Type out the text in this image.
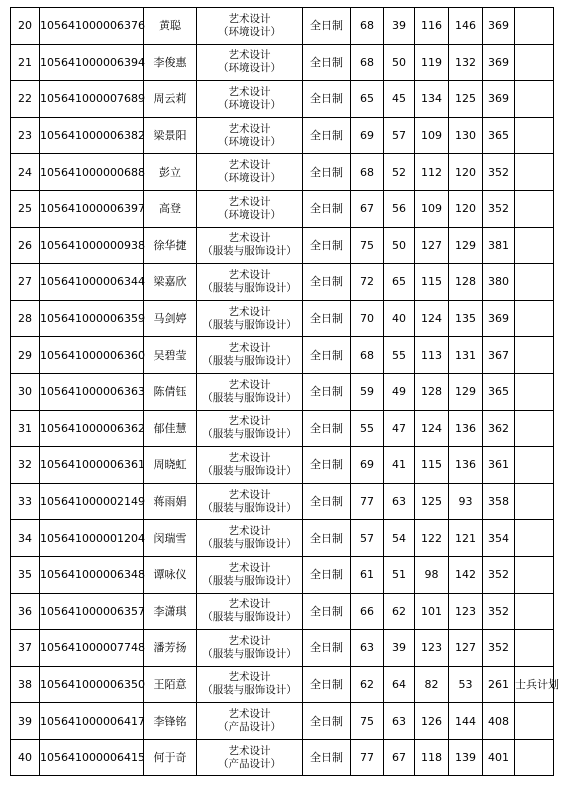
20	105641000006376	黄聪	艺术设计
（环境设计）	全日制	68	39	116	146	369	
21	105641000006394	李俊惠	艺术设计
（环境设计）	全日制	68	50	119	132	369	
22	105641000007689	周云莉	艺术设计
（环境设计）	全日制	65	45	134	125	369	
23	105641000006382	梁景阳	艺术设计
（环境设计）	全日制	69	57	109	130	365	
24	105641000000688	彭立	艺术设计
（环境设计）	全日制	68	52	112	120	352	
25	105641000006397	高登	艺术设计
（环境设计）	全日制	67	56	109	120	352	
26	105641000000938	徐华捷	艺术设计
（服装与服饰设计）	全日制	75	50	127	129	381	
27	105641000006344	梁嘉欣	艺术设计
（服装与服饰设计）	全日制	72	65	115	128	380	
28	105641000006359	马剑婷	艺术设计
（服装与服饰设计）	全日制	70	40	124	135	369	
29	105641000006360	吴碧莹	艺术设计
（服装与服饰设计）	全日制	68	55	113	131	367	
30	105641000006363	陈倩钰	艺术设计
（服装与服饰设计）	全日制	59	49	128	129	365	
31	105641000006362	郁佳慧	艺术设计
（服装与服饰设计）	全日制	55	47	124	136	362	
32	105641000006361	周晓虹	艺术设计
（服装与服饰设计）	全日制	69	41	115	136	361	
33	105641000002149	蒋雨娟	艺术设计
（服装与服饰设计）	全日制	77	63	125	93	358	
34	105641000001204	闵瑞雪	艺术设计
（服装与服饰设计）	全日制	57	54	122	121	354	
35	105641000006348	谭咏仪	艺术设计
（服装与服饰设计）	全日制	61	51	98	142	352	
36	105641000006357	李潇琪	艺术设计
（服装与服饰设计）	全日制	66	62	101	123	352	
37	105641000007748	潘芳扬	艺术设计
（服装与服饰设计）	全日制	63	39	123	127	352	
38	105641000006350	王陌意	艺术设计
（服装与服饰设计）	全日制	62	64	82	53	261	士兵计划
39	105641000006417	李锋铭	艺术设计
（产品设计）	全日制	75	63	126	144	408	
40	105641000006415	何于奇	艺术设计
（产品设计）	全日制	77	67	118	139	401	
